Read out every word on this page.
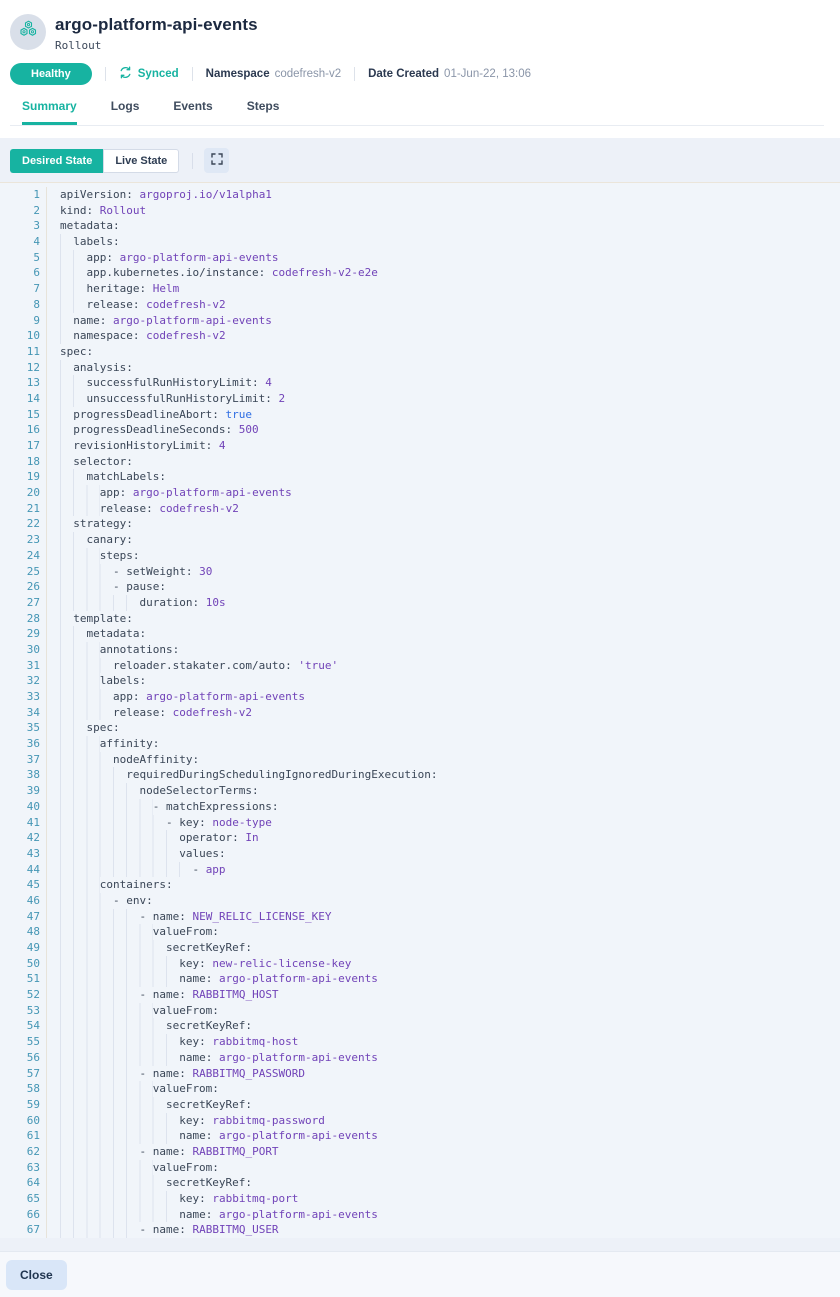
argo-platform-api-events
Rollout
Healthy	Synced Namespace codefresh-v2 Date Created 01-Jun-22, 13:06
Summary	Logs	Events	Steps
Desired State	Live State
1 apiVersion: argoproj.io/v1alpha1
2 kind: Rollout
3 metadata:
4	labels:
5	app: argo-platform-api-events
6	app.kubernetes.io/instance: codefresh-v2-e2e
7	heritage: Helm
8	release: codefresh-v2
9	name: argo-platform-api-events
10	namespace: codefresh-v2
11 spec:
12	analysis:
13	successfulRunHistoryLimit: 4
14	unsuccessfulRunHistoryLimit: 2
15	progressDeadlineAbort: true
16	progressDeadlineSeconds: 500
17	revisionHistoryLimit: 4
18	selector:
19	matchLabels:
20	app: argo-platform-api-events
21	release: codefresh-v2
22	strategy:
23	canary:
24	steps:
25	- setWeight: 30
26	- pause:
27	duration: 10s
28	template:
29	metadata:
30	annotations:
31	reloader.stakater.com/auto: 'true'
32	labels:
33	app: argo-platform-api-events
34	release: codefresh-v2
35	spec:
36	affinity:
37	nodeAffinity:
38	requiredDuringSchedulingIgnoredDuringExecution:
39	nodeSelectorTerms:
40	- matchExpressions:
41	- key: node-type
42	operator: In
43	values:
44	- app
45	containers:
46	- env:
47	- name: NEW_RELIC_LICENSE_KEY
48	valueFrom:
49	secretKeyRef:
50	key: new-relic-license-key
51	name: argo-platform-api-events
52	- name: RABBITMQ_HOST
53	valueFrom:
54	secretKeyRef:
55	key: rabbitmq-host
56	name: argo-platform-api-events
57	- name: RABBITMQ_PASSWORD
58	valueFrom:
59	secretKeyRef:
60	key: rabbitmq-password
61	name: argo-platform-api-events
62	- name: RABBITMQ_PORT
63	valueFrom:
64	secretKeyRef:
65	key: rabbitmq-port
66	name: argo-platform-api-events
67	- name: RABBITMQ_USER
Close
